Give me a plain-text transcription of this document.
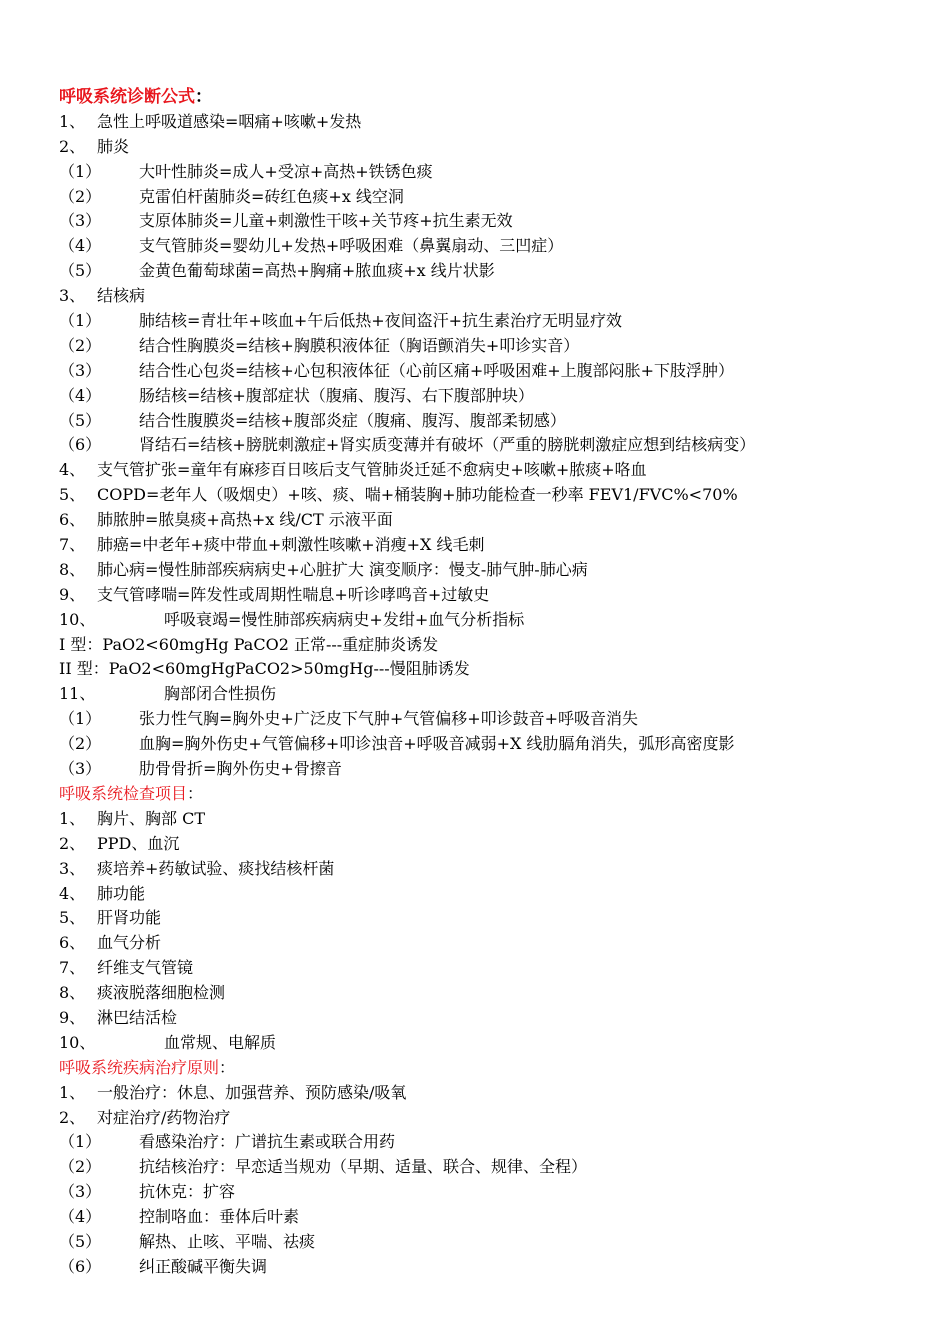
呼吸系统诊断公式：
1、 急性上呼吸道感染=咽痛+咳嗽+发热
2、 肺炎
（1） 大叶性肺炎=成人+受凉+高热+铁锈色痰
（2） 克雷伯杆菌肺炎=砖红色痰+x 线空洞
（3） 支原体肺炎=儿童+刺激性干咳+关节疼+抗生素无效
（4） 支气管肺炎=婴幼儿+发热+呼吸困难（鼻翼扇动、三凹症）
（5） 金黄色葡萄球菌=高热+胸痛+脓血痰+x 线片状影
3、 结核病
（1） 肺结核=青壮年+咳血+午后低热+夜间盗汗+抗生素治疗无明显疗效
（2） 结合性胸膜炎=结核+胸膜积液体征（胸语颤消失+叩诊实音）
（3） 结合性心包炎=结核+心包积液体征（心前区痛+呼吸困难+上腹部闷胀+下肢浮肿）
（4） 肠结核=结核+腹部症状（腹痛、腹泻、右下腹部肿块）
（5） 结合性腹膜炎=结核+腹部炎症（腹痛、腹泻、腹部柔韧感）
（6） 肾结石=结核+膀胱刺激症+肾实质变薄并有破坏（严重的膀胱刺激症应想到结核病变）
4、 支气管扩张=童年有麻疹百日咳后支气管肺炎迁延不愈病史+咳嗽+脓痰+咯血
5、 COPD=老年人（吸烟史）+咳、痰、喘+桶装胸+肺功能检查一秒率 FEV1/FVC%<70%
6、 肺脓肿=脓臭痰+高热+x 线/CT 示液平面
7、 肺癌=中老年+痰中带血+刺激性咳嗽+消瘦+X 线毛刺
8、 肺心病=慢性肺部疾病病史+心脏扩大 演变顺序：慢支-肺气肿-肺心病
9、 支气管哮喘=阵发性或周期性喘息+听诊哮鸣音+过敏史
10、	呼吸衰竭=慢性肺部疾病病史+发绀+血气分析指标
I 型：PaO2<60mgHg PaCO2 正常---重症肺炎诱发
II 型：PaO2<60mgHgPaCO2>50mgHg---慢阻肺诱发
11、	胸部闭合性损伤
（1） 张力性气胸=胸外史+广泛皮下气肿+气管偏移+叩诊鼓音+呼吸音消失
（2） 血胸=胸外伤史+气管偏移+叩诊浊音+呼吸音减弱+X 线肋膈角消失，弧形高密度影
（3） 肋骨骨折=胸外伤史+骨擦音
呼吸系统检查项目：
1、 胸片、胸部 CT
2、 PPD、血沉
3、 痰培养+药敏试验、痰找结核杆菌
4、 肺功能
5、 肝肾功能
6、 血气分析
7、 纤维支气管镜
8、 痰液脱落细胞检测
9、 淋巴结活检
10、	血常规、电解质
呼吸系统疾病治疗原则：
1、 一般治疗：休息、加强营养、预防感染/吸氧
2、 对症治疗/药物治疗
（1） 看感染治疗：广谱抗生素或联合用药
（2） 抗结核治疗：早恋适当规劝（早期、适量、联合、规律、全程）
（3） 抗休克：扩容
（4） 控制咯血：垂体后叶素
（5） 解热、止咳、平喘、祛痰
（6） 纠正酸碱平衡失调
